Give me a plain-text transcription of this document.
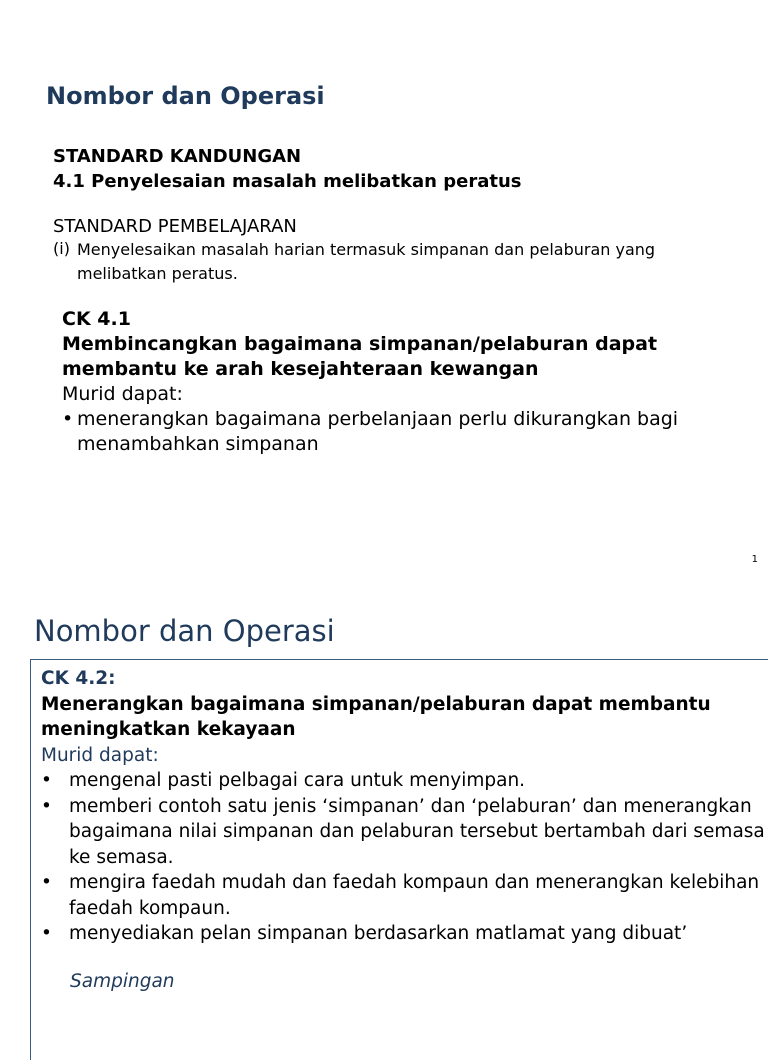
Nombor dan Operasi
STANDARD KANDUNGAN
4.1 Penyelesaian masalah melibatkan peratus
STANDARD PEMBELAJARAN
(i) Menyelesaikan masalah harian termasuk simpanan dan pelaburan yang melibatkan peratus.
CK 4.1
Membincangkan bagaimana simpanan/pelaburan dapat membantu ke arah kesejahteraan kewangan
Murid dapat:
• menerangkan bagaimana perbelanjaan perlu dikurangkan bagi menambahkan simpanan
1
Nombor dan Operasi
CK 4.2:
Menerangkan bagaimana simpanan/pelaburan dapat membantu meningkatkan kekayaan
Murid dapat:
• mengenal pasti pelbagai cara untuk menyimpan.
• memberi contoh satu jenis ‘simpanan’ dan ‘pelaburan’ dan menerangkan bagaimana nilai simpanan dan pelaburan tersebut bertambah dari semasa ke semasa.
• mengira faedah mudah dan faedah kompaun dan menerangkan kelebihan faedah kompaun.
• menyediakan pelan simpanan berdasarkan matlamat yang dibuat’
Sampingan
